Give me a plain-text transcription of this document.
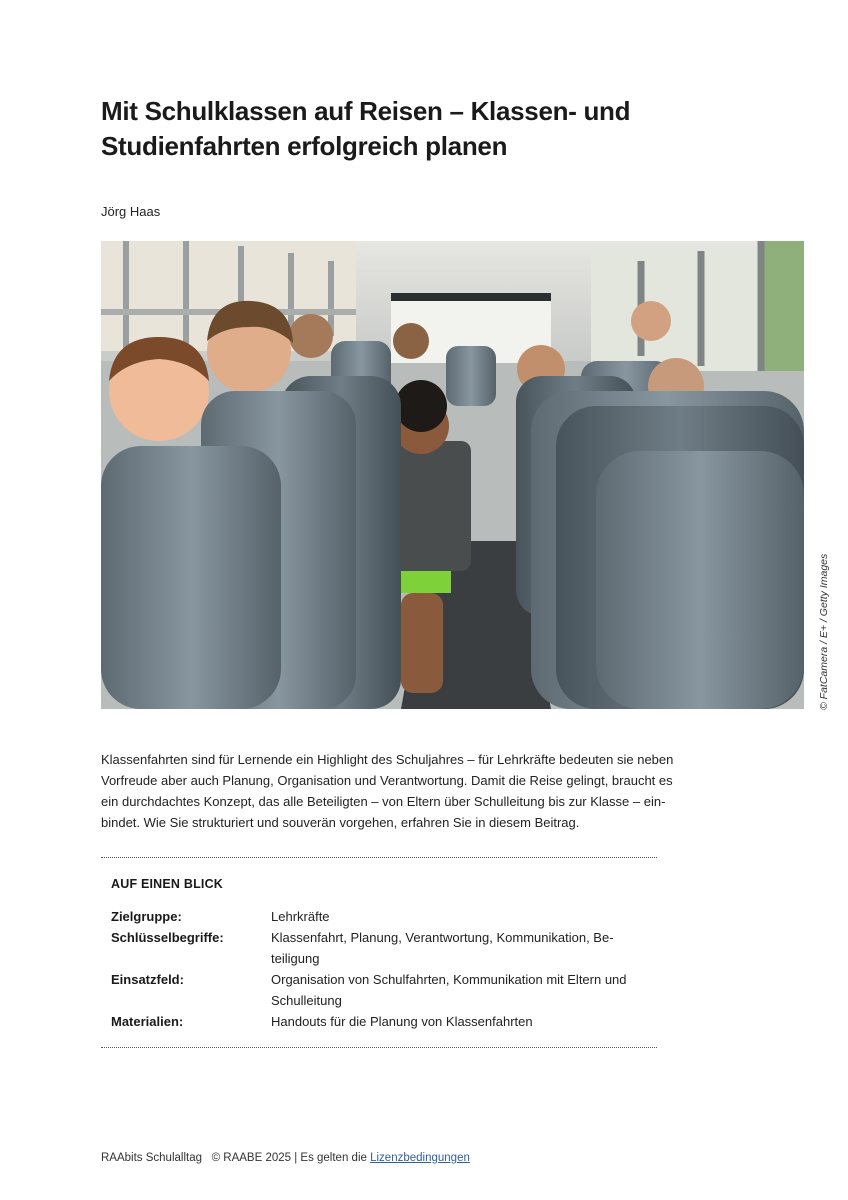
Mit Schulklassen auf Reisen – Klassen- und
Studienfahrten erfolgreich planen
Jörg Haas
© FatCamera / E+ / Getty Images

Klassenfahrten sind für Lernende ein Highlight des Schuljahres – für Lehrkräfte bedeuten sie neben
Vorfreude aber auch Planung, Organisation und Verantwortung. Damit die Reise gelingt, braucht es
ein durchdachtes Konzept, das alle Beteiligten – von Eltern über Schulleitung bis zur Klasse – ein-
bindet. Wie Sie strukturiert und souverän vorgehen, erfahren Sie in diesem Beitrag.

AUF EINEN BLICK
Zielgruppe:	Lehrkräfte
Schlüsselbegriffe:	Klassenfahrt, Planung, Verantwortung, Kommunikation, Be-
teiligung
Einsatzfeld:	Organisation von Schulfahrten, Kommunikation mit Eltern und
Schulleitung
Materialien:	Handouts für die Planung von Klassenfahrten
RAAbits Schulalltag © RAABE 2025 | Es gelten die Lizenzbedingungen
